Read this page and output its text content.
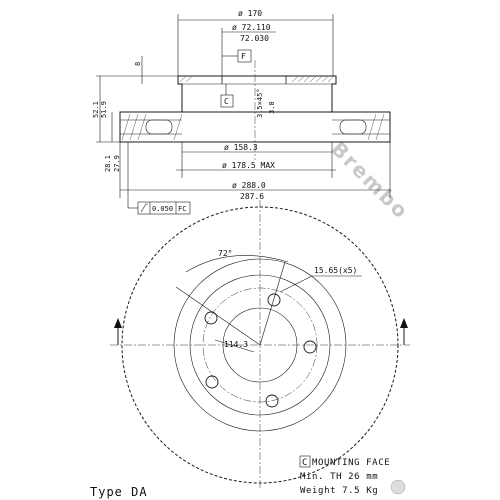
Brembo
ø 170
ø 72.110
72.030
F
8
C	3.5×45° 3.0
52.1 51.9
28.1 27.9
ø 158.3
ø 178.5 MAX
ø 288.0
287.6
0.050 FC
72°
15.65(x5)
114.3
C MOUNTING FACE
Min. TH 26 mm
Weight 7.5 Kg
Type DA
